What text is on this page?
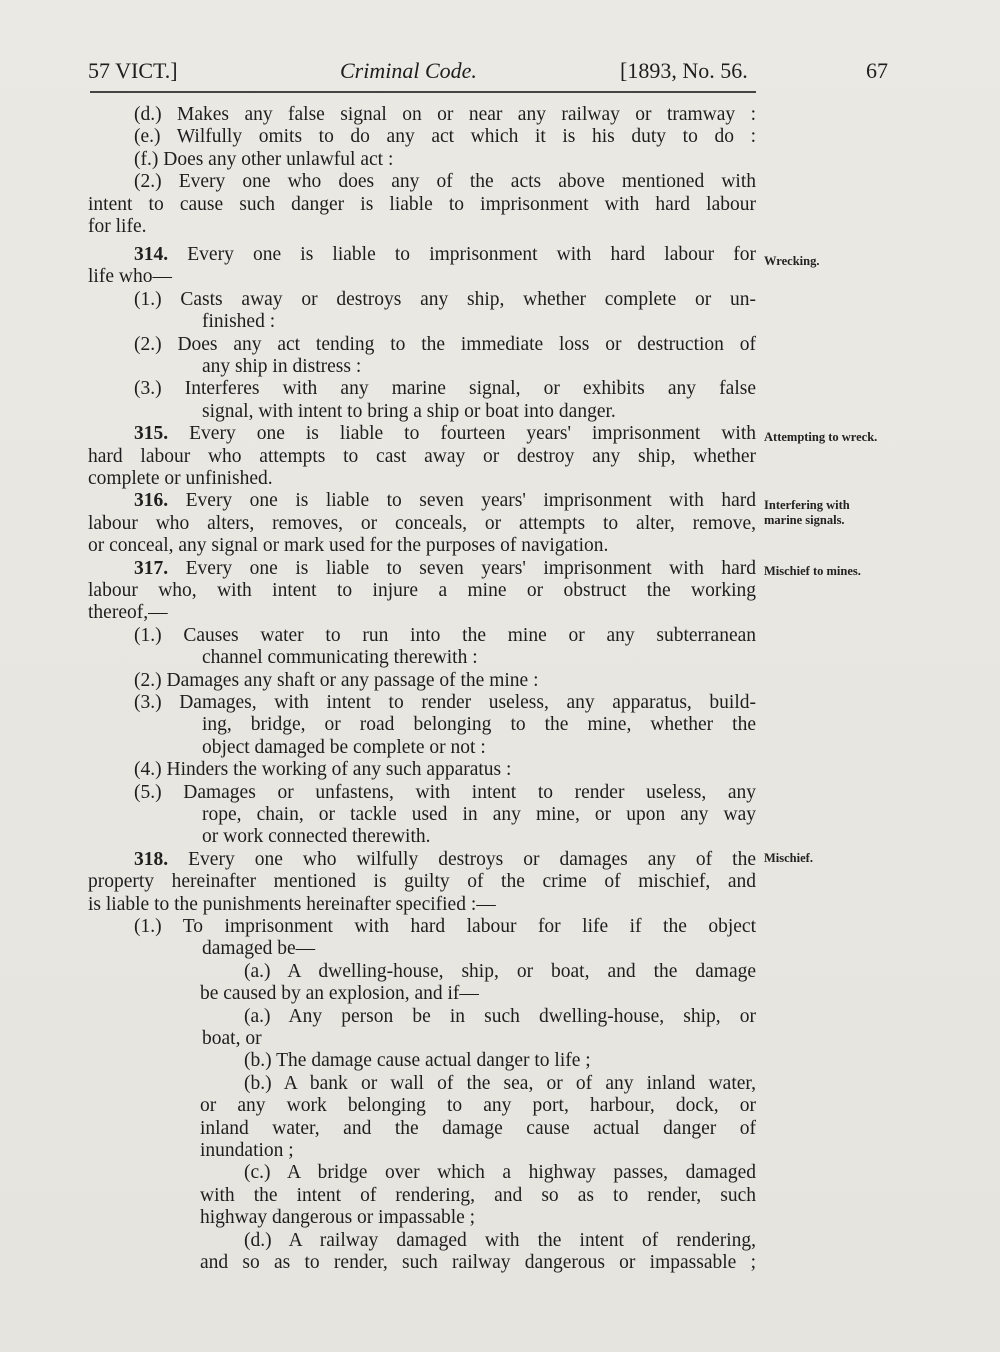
57 VICT.]	Criminal Code.	[1893, No. 56.	67
(d.) Makes any false signal on or near any railway or tramway :
(e.) Wilfully omits to do any act which it is his duty to do :
(f.) Does any other unlawful act :
(2.) Every one who does any of the acts above mentioned with
intent to cause such danger is liable to imprisonment with hard labour
for life.
314. Every one is liable to imprisonment with hard labour for
life who—
(1.) Casts away or destroys any ship, whether complete or un-
finished :
(2.) Does any act tending to the immediate loss or destruction of
any ship in distress :
(3.) Interferes with any marine signal, or exhibits any false
signal, with intent to bring a ship or boat into danger.
315. Every one is liable to fourteen years' imprisonment with
hard labour who attempts to cast away or destroy any ship, whether
complete or unfinished.
316. Every one is liable to seven years' imprisonment with hard
labour who alters, removes, or conceals, or attempts to alter, remove,
or conceal, any signal or mark used for the purposes of navigation.
317. Every one is liable to seven years' imprisonment with hard
labour who, with intent to injure a mine or obstruct the working
thereof,—
(1.) Causes water to run into the mine or any subterranean
channel communicating therewith :
(2.) Damages any shaft or any passage of the mine :
(3.) Damages, with intent to render useless, any apparatus, build-
ing, bridge, or road belonging to the mine, whether the
object damaged be complete or not :
(4.) Hinders the working of any such apparatus :
(5.) Damages or unfastens, with intent to render useless, any
rope, chain, or tackle used in any mine, or upon any way
or work connected therewith.
318. Every one who wilfully destroys or damages any of the
property hereinafter mentioned is guilty of the crime of mischief, and
is liable to the punishments hereinafter specified :—
(1.) To imprisonment with hard labour for life if the object
damaged be—
(a.) A dwelling-house, ship, or boat, and the damage
be caused by an explosion, and if—
(a.) Any person be in such dwelling-house, ship, or
boat, or
(b.) The damage cause actual danger to life ;
(b.) A bank or wall of the sea, or of any inland water,
or any work belonging to any port, harbour, dock, or
inland water, and the damage cause actual danger of
inundation ;
(c.) A bridge over which a highway passes, damaged
with the intent of rendering, and so as to render, such
highway dangerous or impassable ;
(d.) A railway damaged with the intent of rendering,
and so as to render, such railway dangerous or impassable ;
Wrecking.
Attempting to wreck.
Interfering with
marine signals.
Mischief to mines.
Mischief.
